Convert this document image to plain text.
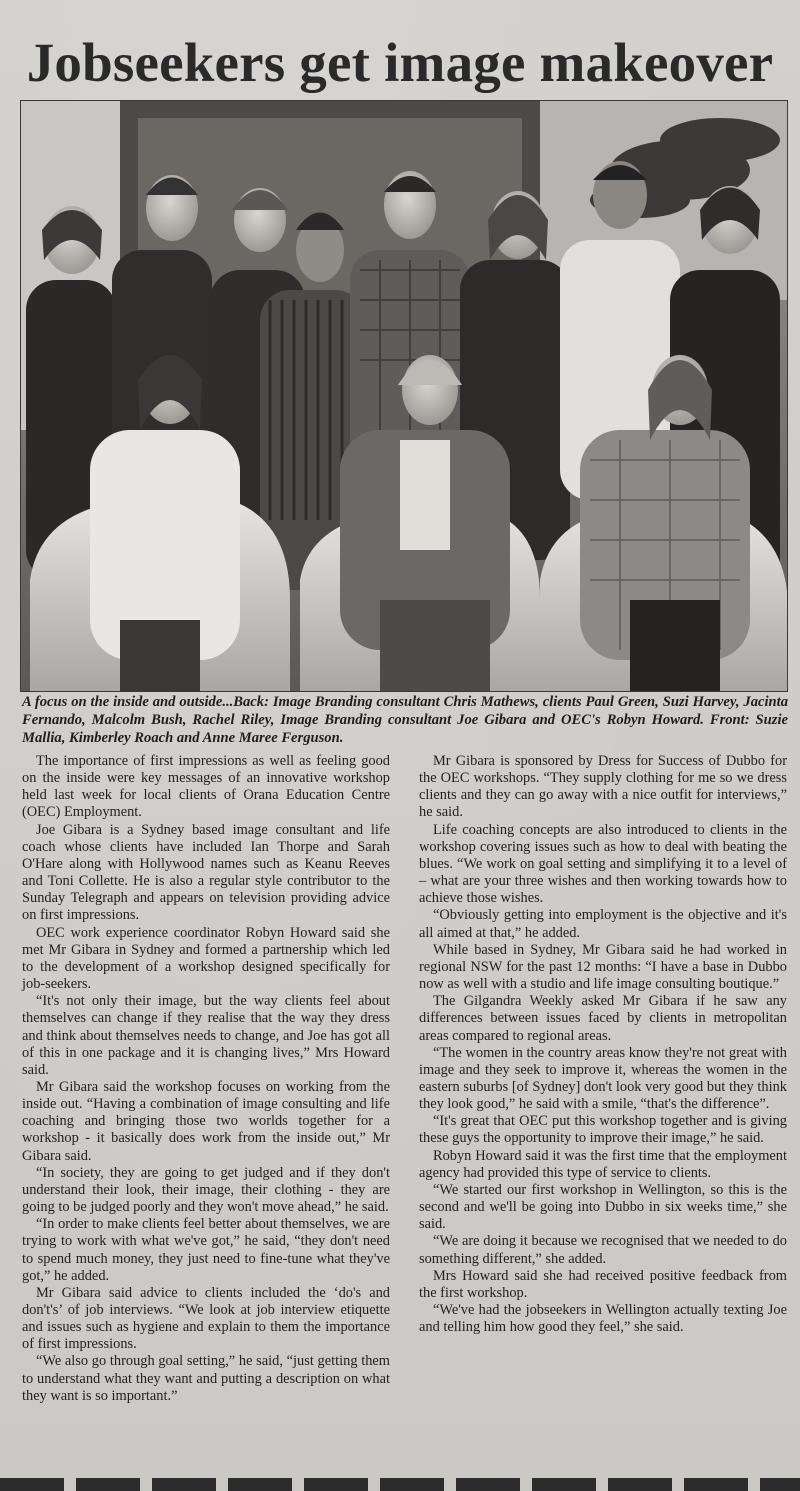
Jobseekers get image makeover

A focus on the inside and outside...Back: Image Branding consultant Chris Mathews, clients Paul Green, Suzi Harvey, Jacinta Fernando, Malcolm Bush, Rachel Riley, Image Branding consultant Joe Gibara and OEC's Robyn Howard. Front: Suzie Mallia, Kimberley Roach and Anne Maree Ferguson.

The importance of first impressions as well as feeling good on the inside were key messages of an innovative workshop held last week for local clients of Orana Education Centre (OEC) Employment.

Joe Gibara is a Sydney based image consultant and life coach whose clients have included Ian Thorpe and Sarah O'Hare along with Hollywood names such as Keanu Reeves and Toni Collette. He is also a regular style contributor to the Sunday Telegraph and appears on television providing advice on first impressions.

OEC work experience coordinator Robyn Howard said she met Mr Gibara in Sydney and formed a partnership which led to the development of a workshop designed specifically for job-seekers.

“It's not only their image, but the way clients feel about themselves can change if they realise that the way they dress and think about themselves needs to change, and Joe has got all of this in one package and it is changing lives,” Mrs Howard said.

Mr Gibara said the workshop focuses on working from the inside out. “Having a combination of image consulting and life coaching and bringing those two worlds together for a workshop - it basically does work from the inside out,” Mr Gibara said.

“In society, they are going to get judged and if they don't understand their look, their image, their clothing - they are going to be judged poorly and they won't move ahead,” he said.

“In order to make clients feel better about themselves, we are trying to work with what we've got,” he said, “they don't need to spend much money, they just need to fine-tune what they've got,” he added.

Mr Gibara said advice to clients included the ‘do's and don't's’ of job interviews. “We look at job interview etiquette and issues such as hygiene and explain to them the importance of first impressions.

“We also go through goal setting,” he said, “just getting them to understand what they want and putting a description on what they want is so important.”

Mr Gibara is sponsored by Dress for Success of Dubbo for the OEC workshops. “They supply clothing for me so we dress clients and they can go away with a nice outfit for interviews,” he said.

Life coaching concepts are also introduced to clients in the workshop covering issues such as how to deal with beating the blues. “We work on goal setting and simplifying it to a level of – what are your three wishes and then working towards how to achieve those wishes.

“Obviously getting into employment is the objective and it's all aimed at that,” he added.

While based in Sydney, Mr Gibara said he had worked in regional NSW for the past 12 months: “I have a base in Dubbo now as well with a studio and life image consulting boutique.”

The Gilgandra Weekly asked Mr Gibara if he saw any differences between issues faced by clients in metropolitan areas compared to regional areas.

“The women in the country areas know they're not great with image and they seek to improve it, whereas the women in the eastern suburbs [of Sydney] don't look very good but they think they look good,” he said with a smile, “that's the difference”.

“It's great that OEC put this workshop together and is giving these guys the opportunity to improve their image,” he said.

Robyn Howard said it was the first time that the employment agency had provided this type of service to clients.

“We started our first workshop in Wellington, so this is the second and we'll be going into Dubbo in six weeks time,” she said.

“We are doing it because we recognised that we needed to do something different,” she added.

Mrs Howard said she had received positive feedback from the first workshop.

“We've had the jobseekers in Wellington actually texting Joe and telling him how good they feel,” she said.
